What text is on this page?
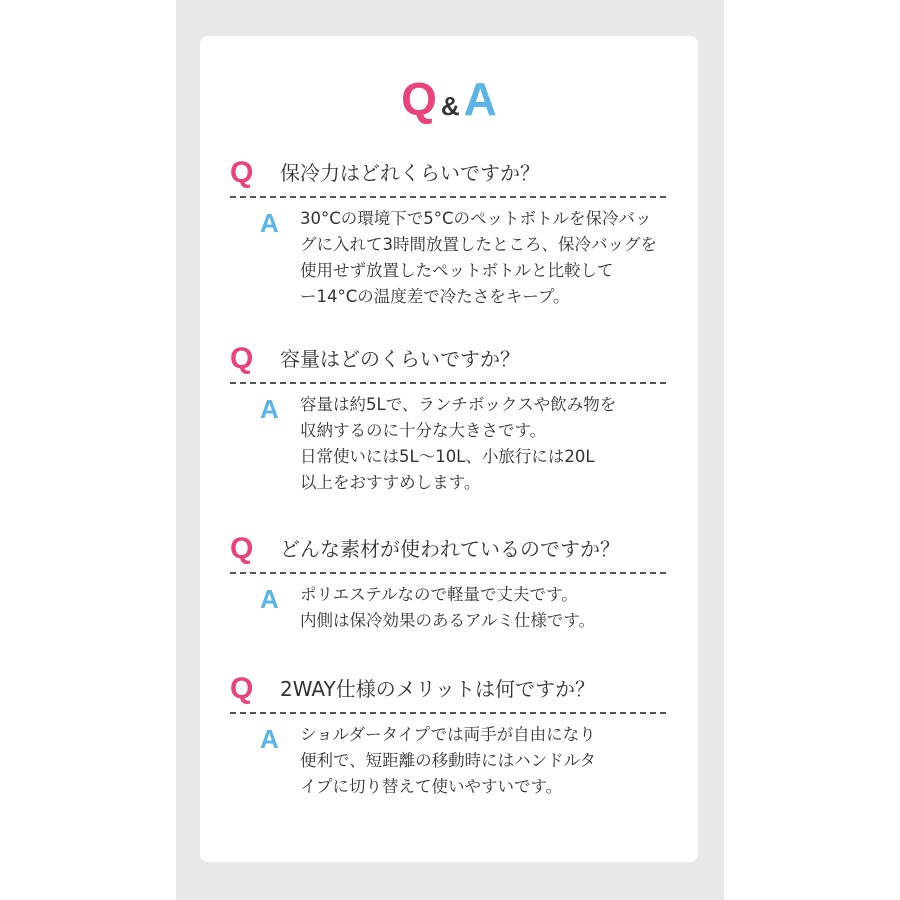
Q &A
Q 保冷力はどれくらいですか？
A 30°Cの環境下で5°Cのペットボトルを保冷バッ
グに入れて3時間放置したところ、保冷バッグを
使用せず放置したペットボトルと比較して
ー14°Cの温度差で冷たさをキープ。
Q 容量はどのくらいですか？
A 容量は約5Lで、ランチボックスや飲み物を
収納するのに十分な大きさです。
日常使いには5L〜10L、小旅行には20L
以上をおすすめします。
Q どんな素材が使われているのですか？
A ポリエステルなので軽量で丈夫です。
内側は保冷効果のあるアルミ仕様です。
Q 2WAY仕様のメリットは何ですか？
A ショルダータイプでは両手が自由になり
便利で、短距離の移動時にはハンドルタ
イプに切り替えて使いやすいです。
